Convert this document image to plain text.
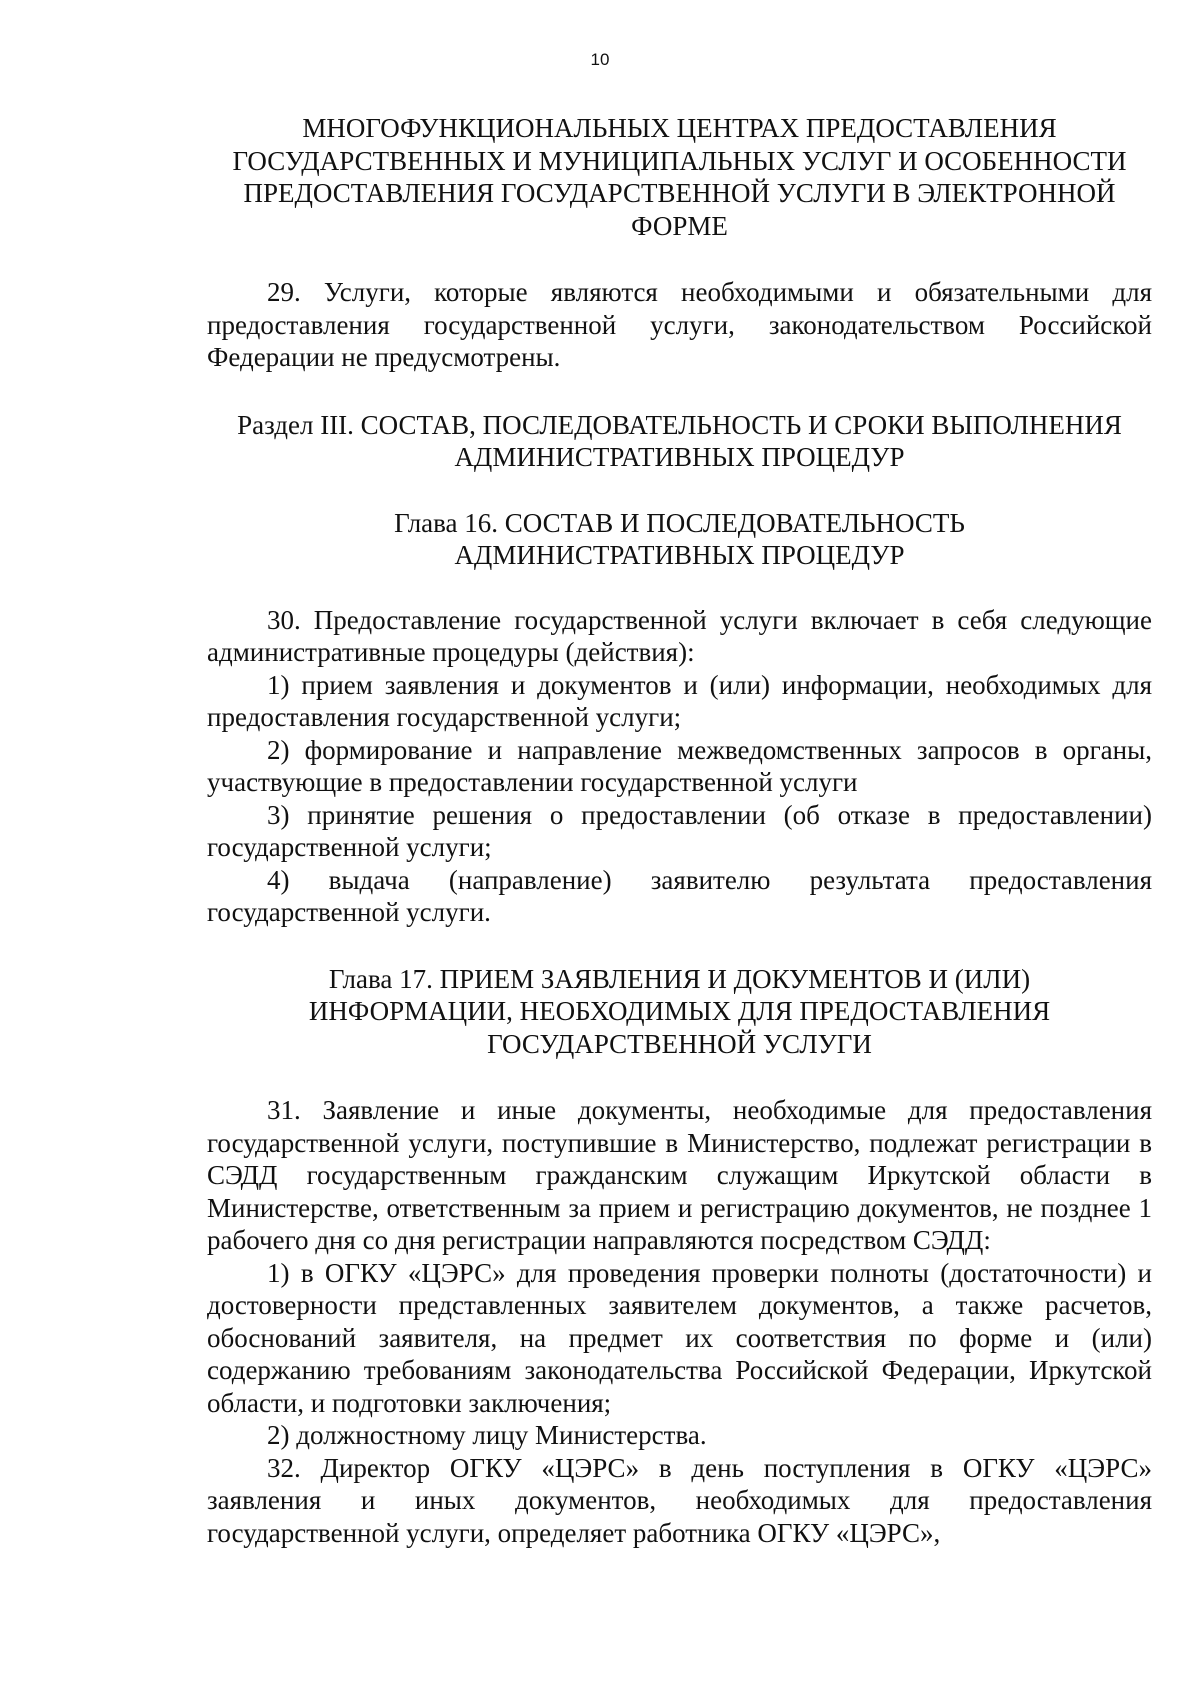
10
МНОГОФУНКЦИОНАЛЬНЫХ ЦЕНТРАХ ПРЕДОСТАВЛЕНИЯ
ГОСУДАРСТВЕННЫХ И МУНИЦИПАЛЬНЫХ УСЛУГ И ОСОБЕННОСТИ
ПРЕДОСТАВЛЕНИЯ ГОСУДАРСТВЕННОЙ УСЛУГИ В ЭЛЕКТРОННОЙ
ФОРМЕ

29. Услуги, которые являются необходимыми и обязательными для предоставления государственной услуги, законодательством Российской Федерации не предусмотрены.

Раздел III. СОСТАВ, ПОСЛЕДОВАТЕЛЬНОСТЬ И СРОКИ ВЫПОЛНЕНИЯ
АДМИНИСТРАТИВНЫХ ПРОЦЕДУР
Глава 16. СОСТАВ И ПОСЛЕДОВАТЕЛЬНОСТЬ
АДМИНИСТРАТИВНЫХ ПРОЦЕДУР

30. Предоставление государственной услуги включает в себя следующие административные процедуры (действия):

1) прием заявления и документов и (или) информации, необходимых для предоставления государственной услуги;

2) формирование и направление межведомственных запросов в органы, участвующие в предоставлении государственной услуги

3) принятие решения о предоставлении (об отказе в предоставлении) государственной услуги;

4) выдача (направление) заявителю результата предоставления государственной услуги.

Глава 17. ПРИЕМ ЗАЯВЛЕНИЯ И ДОКУМЕНТОВ И (ИЛИ)
ИНФОРМАЦИИ, НЕОБХОДИМЫХ ДЛЯ ПРЕДОСТАВЛЕНИЯ
ГОСУДАРСТВЕННОЙ УСЛУГИ

31. Заявление и иные документы, необходимые для предоставления государственной услуги, поступившие в Министерство, подлежат регистрации в СЭДД государственным гражданским служащим Иркутской области в Министерстве, ответственным за прием и регистрацию документов, не позднее 1 рабочего дня со дня регистрации направляются посредством СЭДД:

1) в ОГКУ «ЦЭРС» для проведения проверки полноты (достаточности) и достоверности представленных заявителем документов, а также расчетов, обоснований заявителя, на предмет их соответствия по форме и (или) содержанию требованиям законодательства Российской Федерации, Иркутской области, и подготовки заключения;

2) должностному лицу Министерства.

32. Директор ОГКУ «ЦЭРС» в день поступления в ОГКУ «ЦЭРС» заявления и иных документов, необходимых для предоставления государственной услуги, определяет работника ОГКУ «ЦЭРС»,
